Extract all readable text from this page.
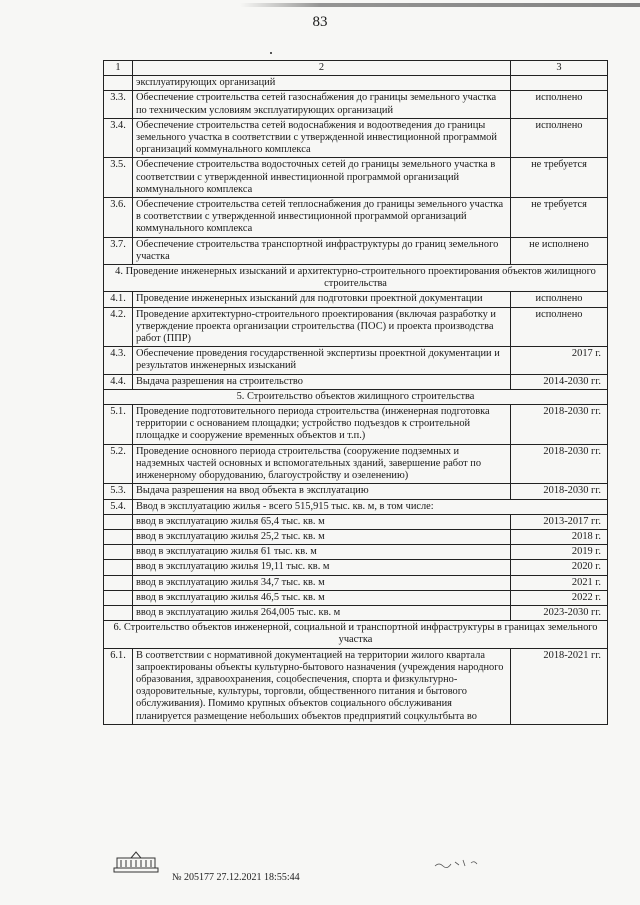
83
1	2	3
	эксплуатирующих организаций	
3.3.	Обеспечение строительства сетей газоснабжения до границы земельного участка по техническим условиям эксплуатирующих организаций	исполнено
3.4.	Обеспечение строительства сетей водоснабжения и водоотведения до границы земельного участка в соответствии с утвержденной инвестиционной программой организаций коммунального комплекса	исполнено
3.5.	Обеспечение строительства водосточных сетей до границы земельного участка в соответствии с утвержденной инвестиционной программой организаций коммунального комплекса	не требуется
3.6.	Обеспечение строительства сетей теплоснабжения до границы земельного участка в соответствии с утвержденной инвестиционной программой организаций коммунального комплекса	не требуется
3.7.	Обеспечение строительства транспортной инфраструктуры до границ земельного участка	не исполнено
4. Проведение инженерных изысканий и архитектурно-строительного проектирования объектов жилищного строительства		
4.1.	Проведение инженерных изысканий для подготовки проектной документации	исполнено
4.2.	Проведение архитектурно-строительного проектирования (включая разработку и утверждение проекта организации строительства (ПОС) и проекта производства работ (ППР)	исполнено
4.3.	Обеспечение проведения государственной экспертизы проектной документации и результатов инженерных изысканий	2017 г.
4.4.	Выдача разрешения на строительство	2014-2030 гг.
5. Строительство объектов жилищного строительства		
5.1.	Проведение подготовительного периода строительства (инженерная подготовка территории с основанием площадки; устройство подъездов к строительной площадке и сооружение временных объектов и т.п.)	2018-2030 гг.
5.2.	Проведение основного периода строительства (сооружение подземных и надземных частей основных и вспомогательных зданий, завершение работ по инженерному оборудованию, благоустройству и озеленению)	2018-2030 гг.
5.3.	Выдача разрешения на ввод объекта в эксплуатацию	2018-2030 гг.
5.4.	Ввод в эксплуатацию жилья - всего 515,915 тыс. кв. м, в том числе:	
	ввод в эксплуатацию жилья 65,4 тыс. кв. м	2013-2017 гг.
	ввод в эксплуатацию жилья 25,2 тыс. кв. м	2018 г.
	ввод в эксплуатацию жилья 61 тыс. кв. м	2019 г.
	ввод в эксплуатацию жилья 19,11 тыс. кв. м	2020 г.
	ввод в эксплуатацию жилья 34,7 тыс. кв. м	2021 г.
	ввод в эксплуатацию жилья 46,5 тыс. кв. м	2022 г.
	ввод в эксплуатацию жилья 264,005 тыс. кв. м	2023-2030 гг.
6. Строительство объектов инженерной, социальной и транспортной инфраструктуры в границах земельного участка		
6.1.	В соответствии с нормативной документацией на территории жилого квартала запроектированы объекты культурно-бытового назначения (учреждения народного образования, здравоохранения, соцобеспечения, спорта и физкультурно-оздоровительные, культуры, торговли, общественного питания и бытового обслуживания). Помимо крупных объектов социального обслуживания планируется размещение небольших объектов предприятий соцкультбыта во	2018-2021 гг.
№ 205177 27.12.2021 18:55:44
